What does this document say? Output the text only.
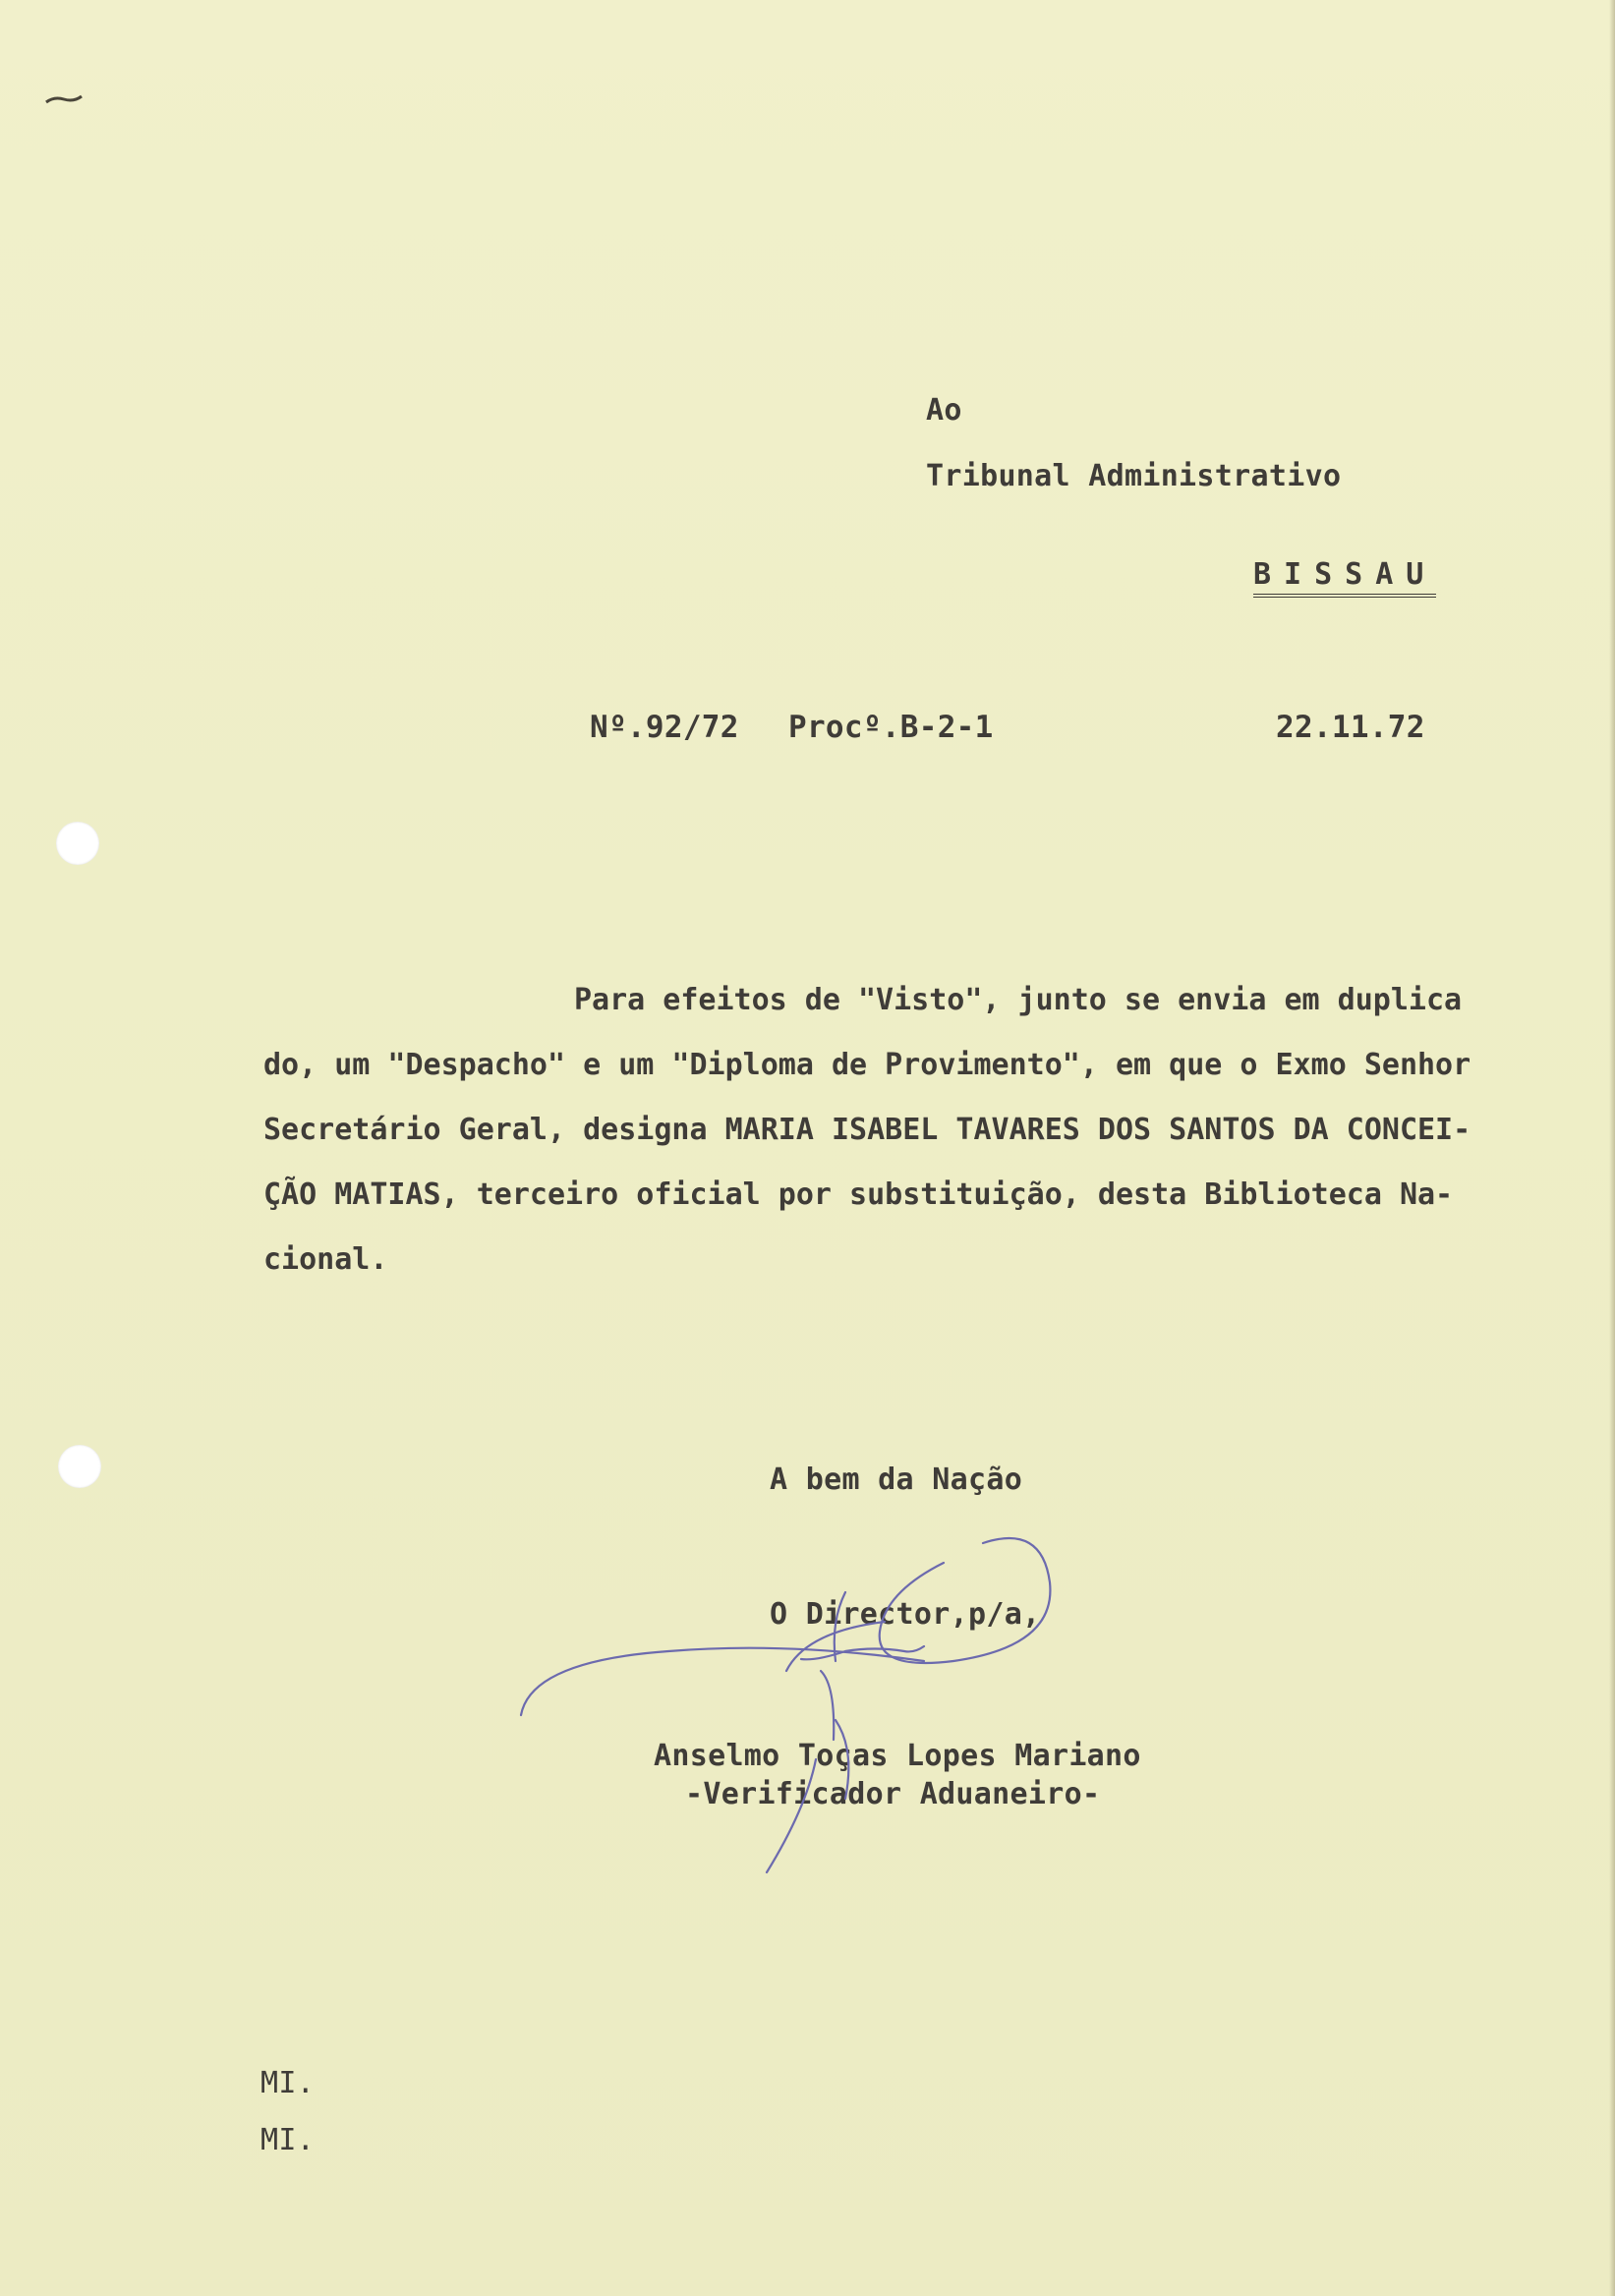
Ao
Tribunal Administrativo
BISSAU
Nº.92/72 Procº.B-2-1	22.11.72
Para efeitos de "Visto", junto se envia em duplica
do, um "Despacho" e um "Diploma de Provimento", em que o Exmo Senhor
Secretário Geral, designa MARIA ISABEL TAVARES DOS SANTOS DA CONCEI-
ÇÃO MATIAS, terceiro oficial por substituição, desta Biblioteca Na-
cional.
A bem da Nação
O Director,p/a,
Anselmo Toças Lopes Mariano
-Verificador Aduaneiro-
MI.
MI.
